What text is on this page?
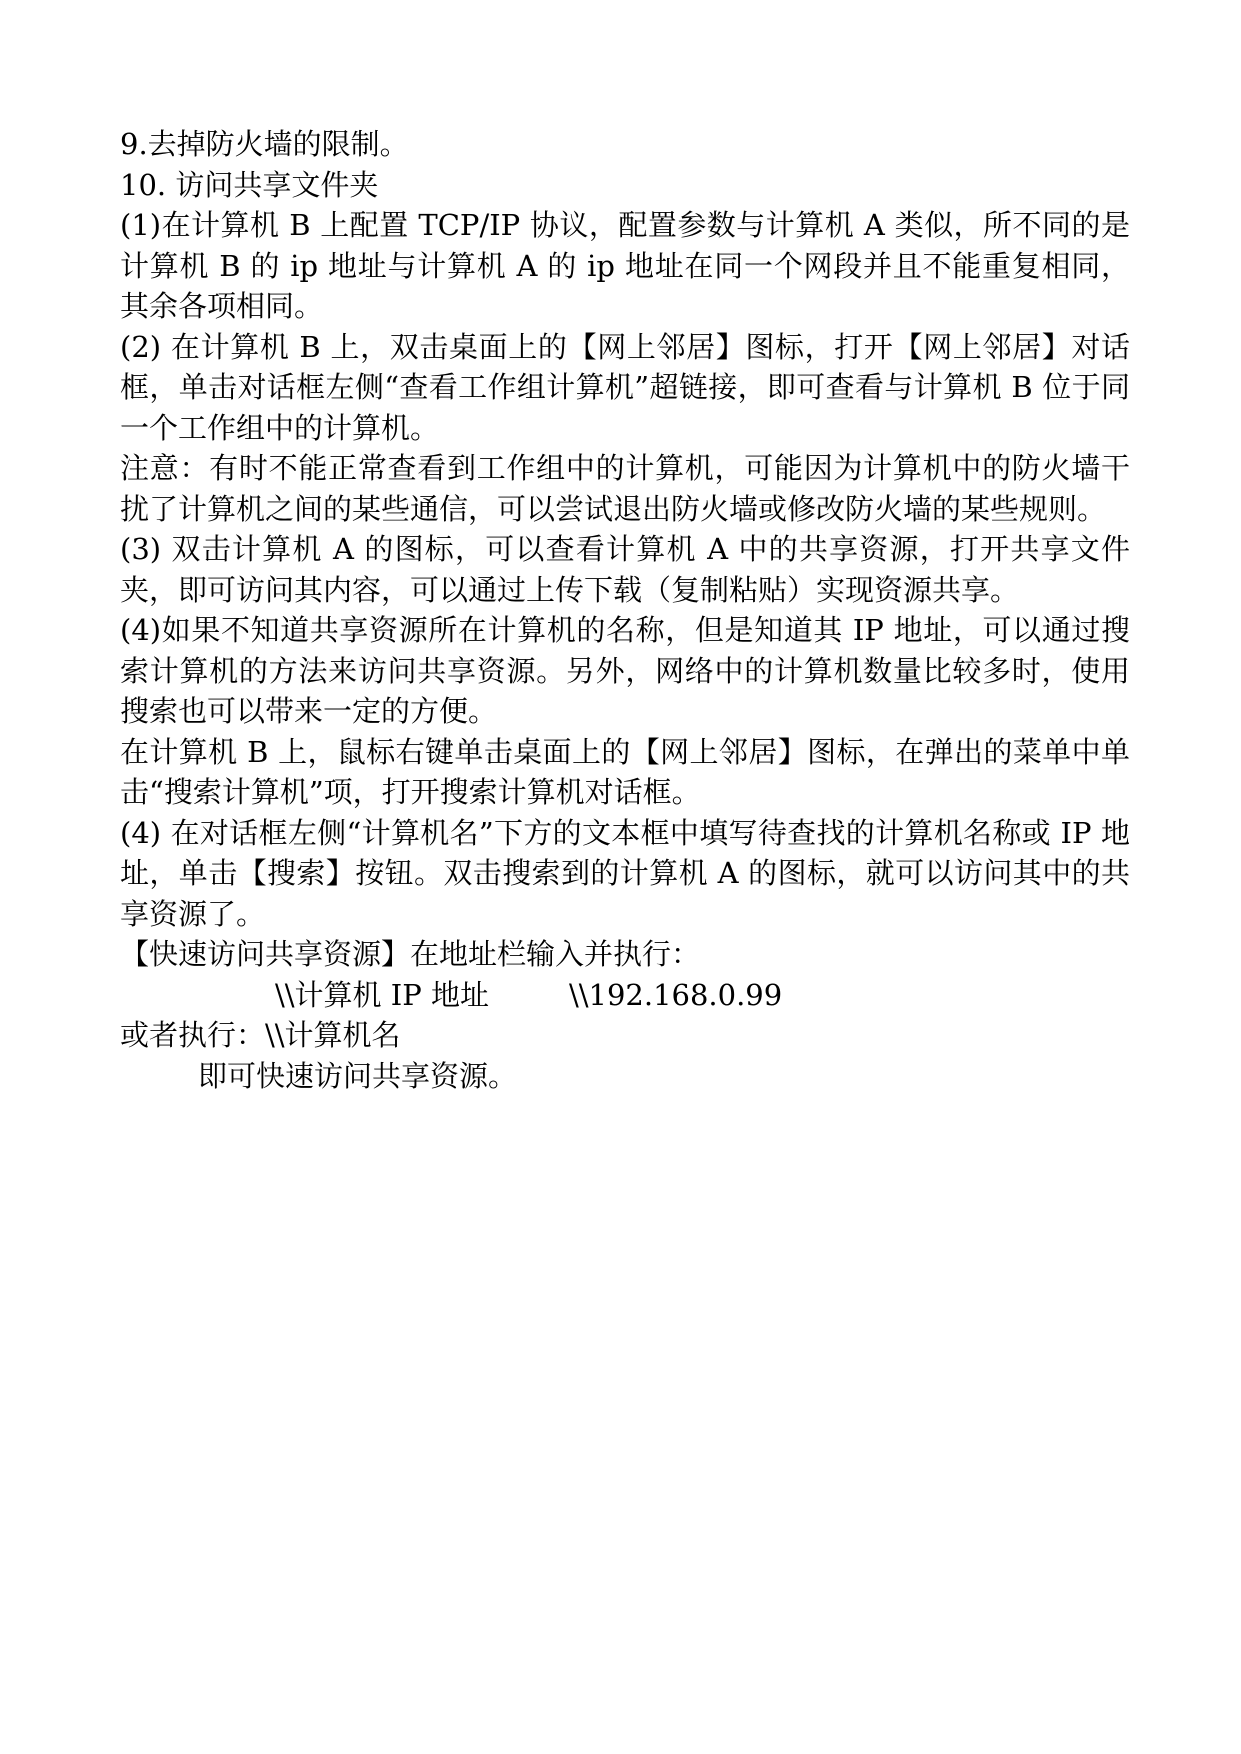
9.去掉防火墙的限制。

10. 访问共享文件夹

(1)在计算机 B 上配置 TCP/IP 协议，配置参数与计算机 A 类似，所不同的是计算机 B 的 ip 地址与计算机 A 的 ip 地址在同一个网段并且不能重复相同，其余各项相同。

(2) 在计算机 B 上，双击桌面上的【网上邻居】图标，打开【网上邻居】对话框，单击对话框左侧“查看工作组计算机”超链接，即可查看与计算机 B 位于同一个工作组中的计算机。

注意：有时不能正常查看到工作组中的计算机，可能因为计算机中的防火墙干扰了计算机之间的某些通信，可以尝试退出防火墙或修改防火墙的某些规则。

(3) 双击计算机 A 的图标，可以查看计算机 A 中的共享资源，打开共享文件夹，即可访问其内容，可以通过上传下载（复制粘贴）实现资源共享。

(4)如果不知道共享资源所在计算机的名称，但是知道其 IP 地址，可以通过搜索计算机的方法来访问共享资源。另外，网络中的计算机数量比较多时，使用搜索也可以带来一定的方便。

在计算机 B 上，鼠标右键单击桌面上的【网上邻居】图标，在弹出的菜单中单击“搜索计算机”项，打开搜索计算机对话框。

(4) 在对话框左侧“计算机名”下方的文本框中填写待查找的计算机名称或 IP 地址，单击【搜索】按钮。双击搜索到的计算机 A 的图标，就可以访问其中的共享资源了。

【快速访问共享资源】在地址栏输入并执行：

\\计算机 IP 地址	\\192.168.0.99

或者执行：\\计算机名

即可快速访问共享资源。
